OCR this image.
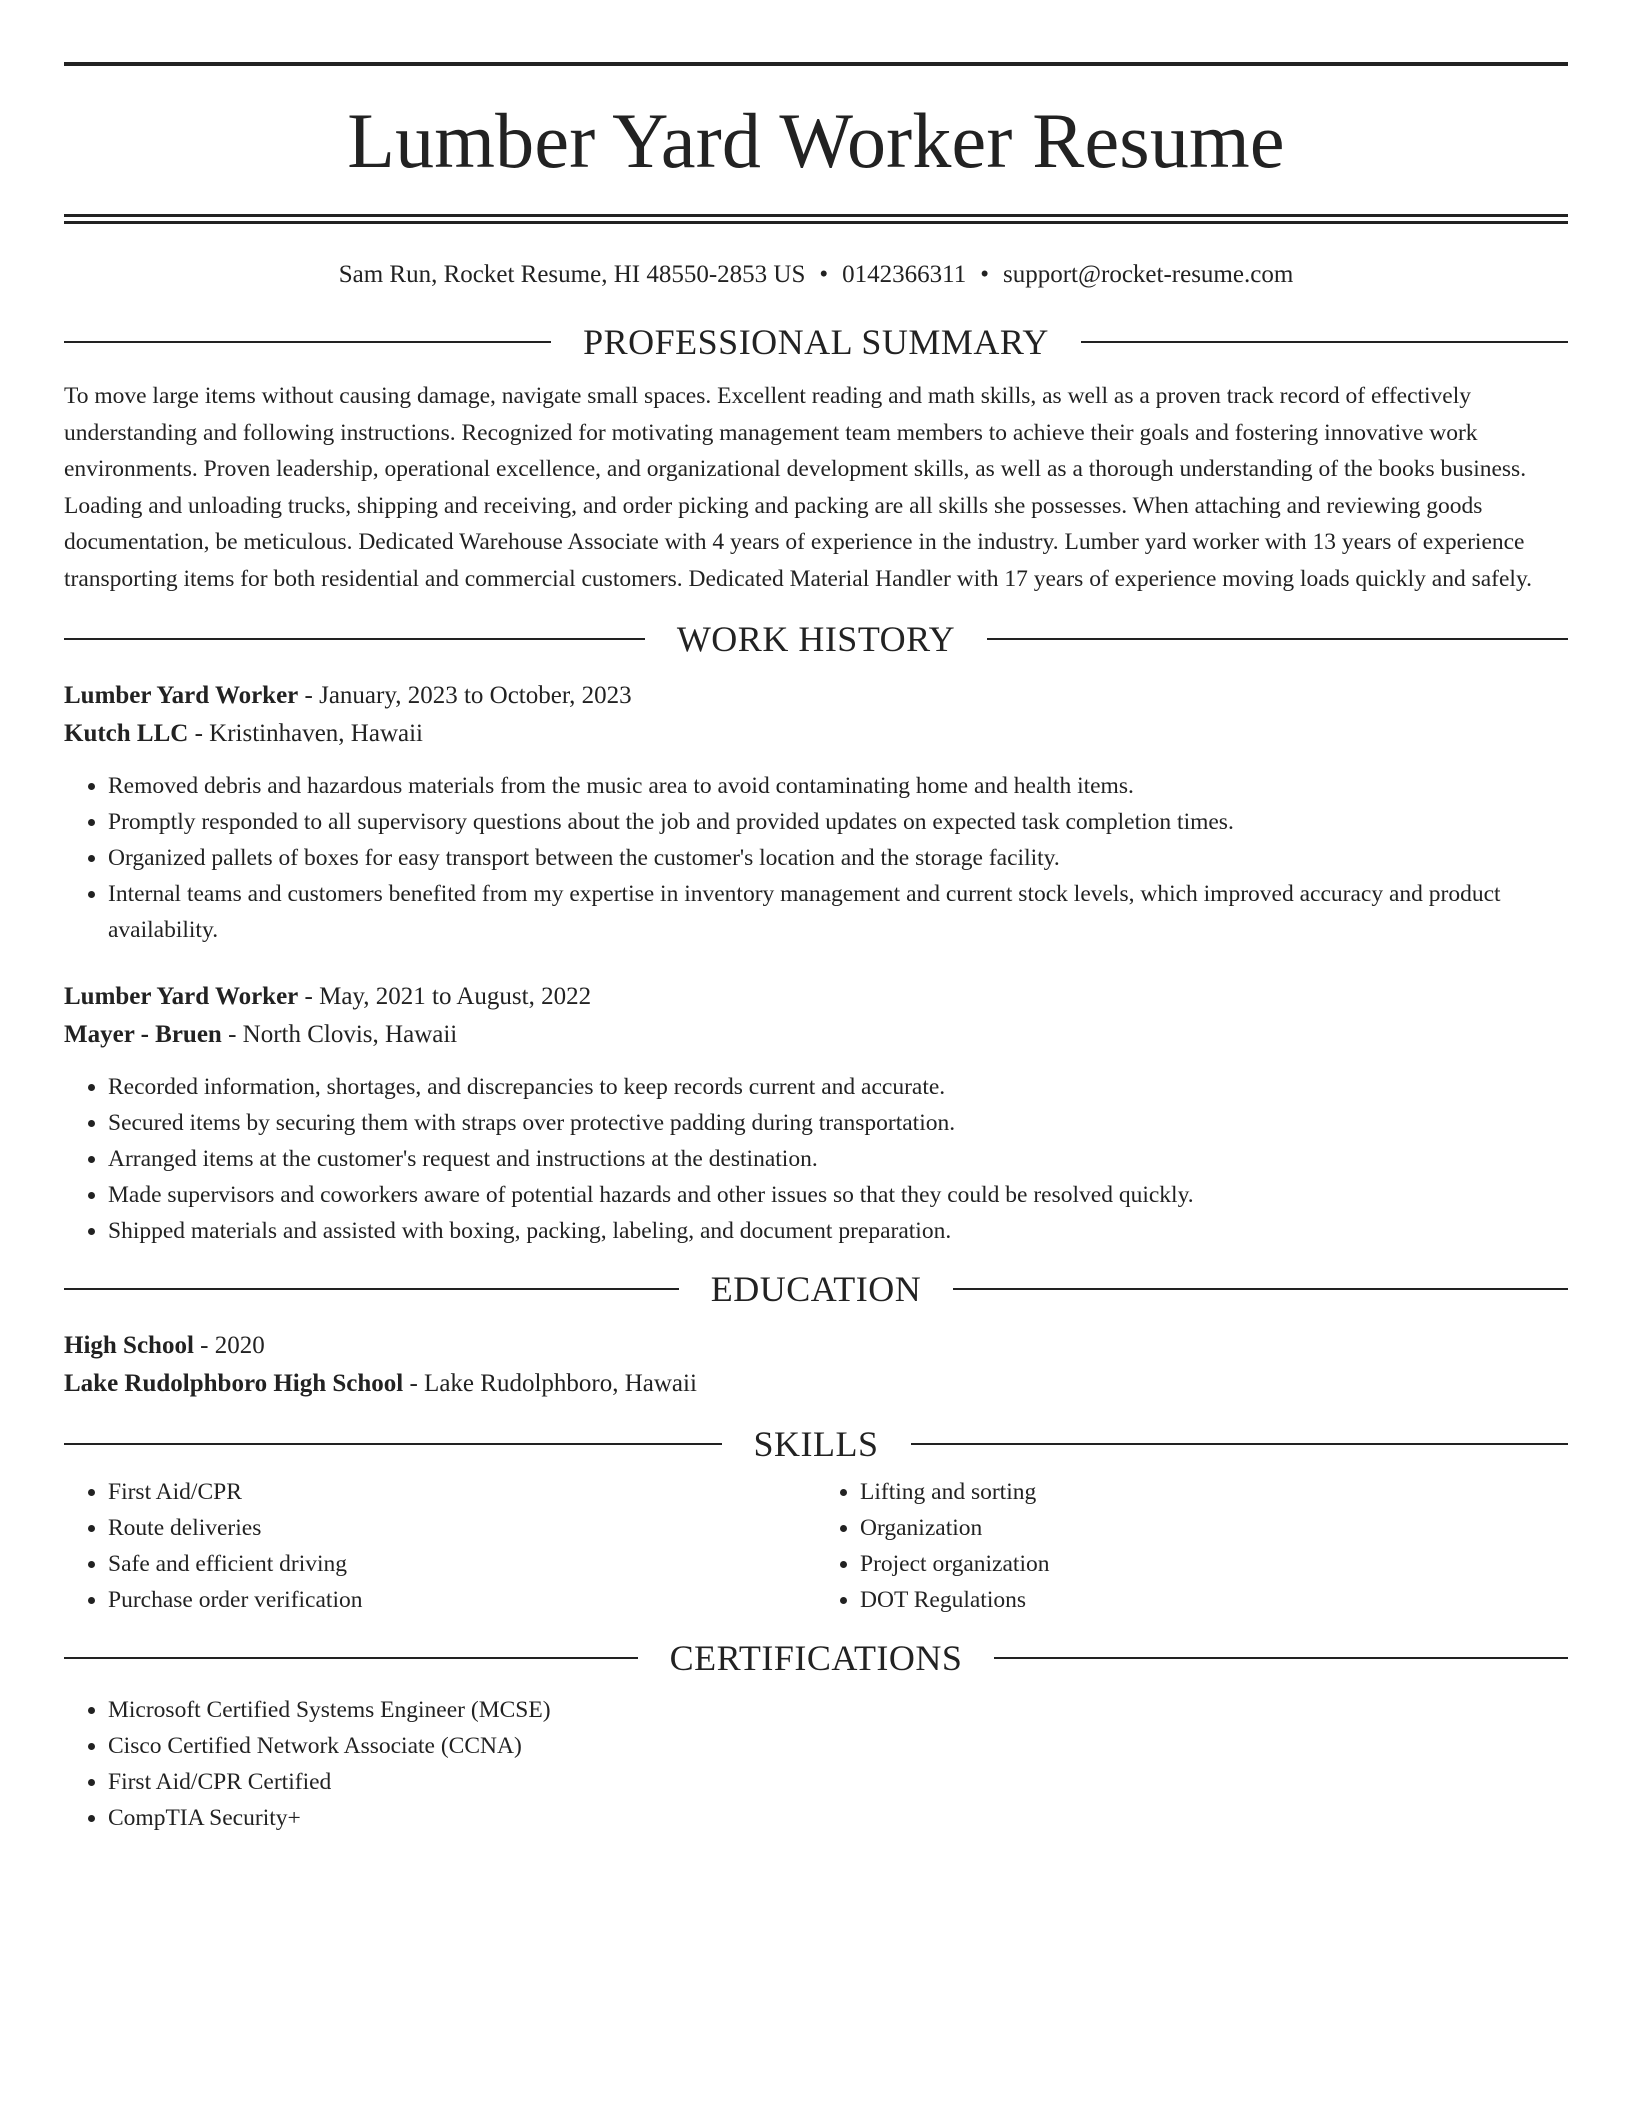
Lumber Yard Worker Resume
Sam Run, Rocket Resume, HI 48550-2853 US • 0142366311 • support@rocket-resume.com
PROFESSIONAL SUMMARY

To move large items without causing damage, navigate small spaces. Excellent reading and math skills, as well as a proven track record of effectively understanding and following instructions. Recognized for motivating management team members to achieve their goals and fostering innovative work environments. Proven leadership, operational excellence, and organizational development skills, as well as a thorough understanding of the books business. Loading and unloading trucks, shipping and receiving, and order picking and packing are all skills she possesses. When attaching and reviewing goods documentation, be meticulous. Dedicated Warehouse Associate with 4 years of experience in the industry. Lumber yard worker with 13 years of experience transporting items for both residential and commercial customers. Dedicated Material Handler with 17 years of experience moving loads quickly and safely.

WORK HISTORY
Lumber Yard Worker - January, 2023 to October, 2023
Kutch LLC - Kristinhaven, Hawaii
• Removed debris and hazardous materials from the music area to avoid contaminating home and health items.
• Promptly responded to all supervisory questions about the job and provided updates on expected task completion times.
• Organized pallets of boxes for easy transport between the customer's location and the storage facility.
• Internal teams and customers benefited from my expertise in inventory management and current stock levels, which improved accuracy and product availability.
Lumber Yard Worker - May, 2021 to August, 2022
Mayer - Bruen - North Clovis, Hawaii
• Recorded information, shortages, and discrepancies to keep records current and accurate.
• Secured items by securing them with straps over protective padding during transportation.
• Arranged items at the customer's request and instructions at the destination.
• Made supervisors and coworkers aware of potential hazards and other issues so that they could be resolved quickly.
• Shipped materials and assisted with boxing, packing, labeling, and document preparation.
EDUCATION
High School - 2020
Lake Rudolphboro High School - Lake Rudolphboro, Hawaii
SKILLS
• First Aid/CPR
• Route deliveries
• Safe and efficient driving
• Purchase order verification
• Lifting and sorting
• Organization
• Project organization
• DOT Regulations
CERTIFICATIONS
• Microsoft Certified Systems Engineer (MCSE)
• Cisco Certified Network Associate (CCNA)
• First Aid/CPR Certified
• CompTIA Security+
